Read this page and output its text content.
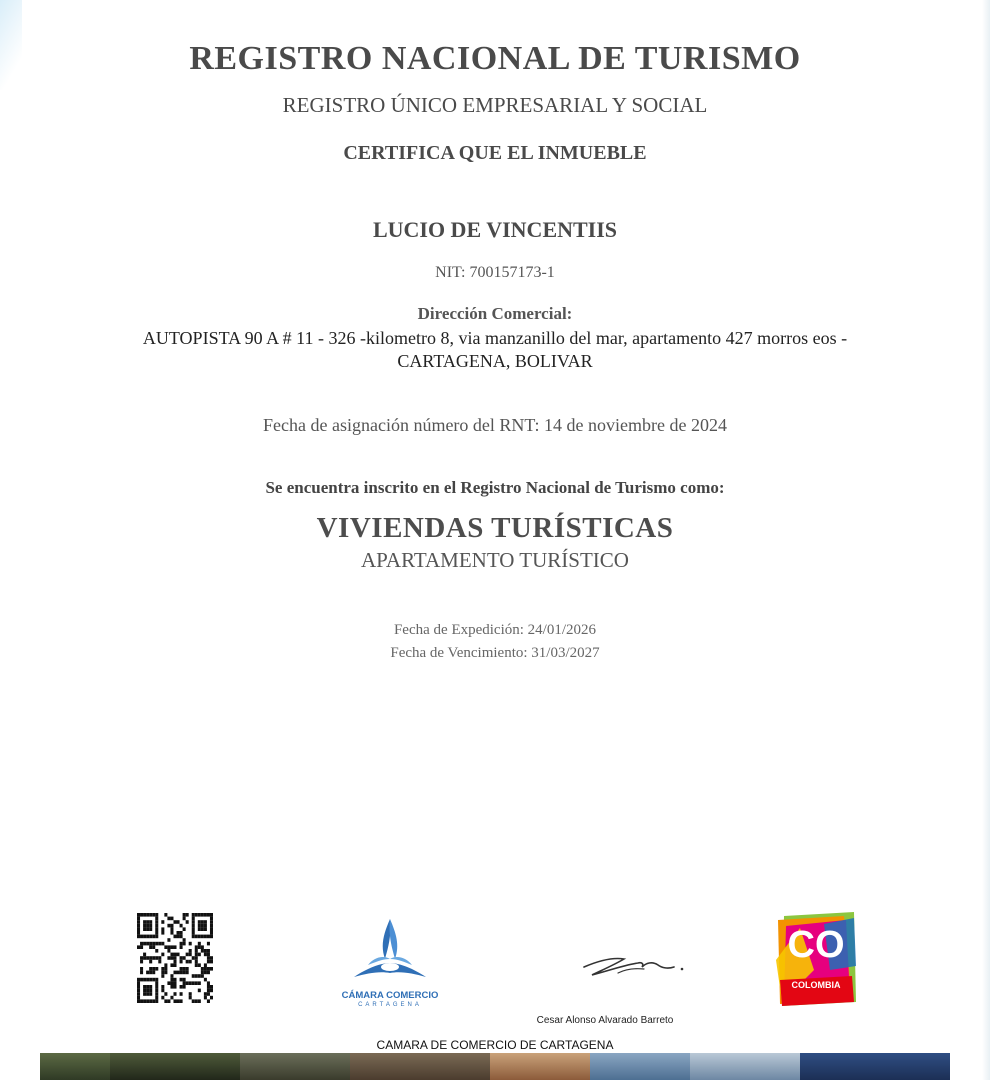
REGISTRO NACIONAL DE TURISMO

REGISTRO ÚNICO EMPRESARIAL Y SOCIAL

CERTIFICA QUE EL INMUEBLE

LUCIO DE VINCENTIIS

NIT: 700157173-1

Dirección Comercial:

AUTOPISTA 90 A # 11 - 326 -kilometro 8, via manzanillo del mar, apartamento 427 morros eos -

CARTAGENA, BOLIVAR

Fecha de asignación número del RNT: 14 de noviembre de 2024

Se encuentra inscrito en el Registro Nacional de Turismo como:

VIVIENDAS TURÍSTICAS

APARTAMENTO TURÍSTICO

Fecha de Expedición: 24/01/2026

Fecha de Vencimiento: 31/03/2027

CÁMARA COMERCIO
CARTAGENA
Cesar Alonso Alvarado Barreto
CO
COLOMBIA
CAMARA DE COMERCIO DE CARTAGENA
